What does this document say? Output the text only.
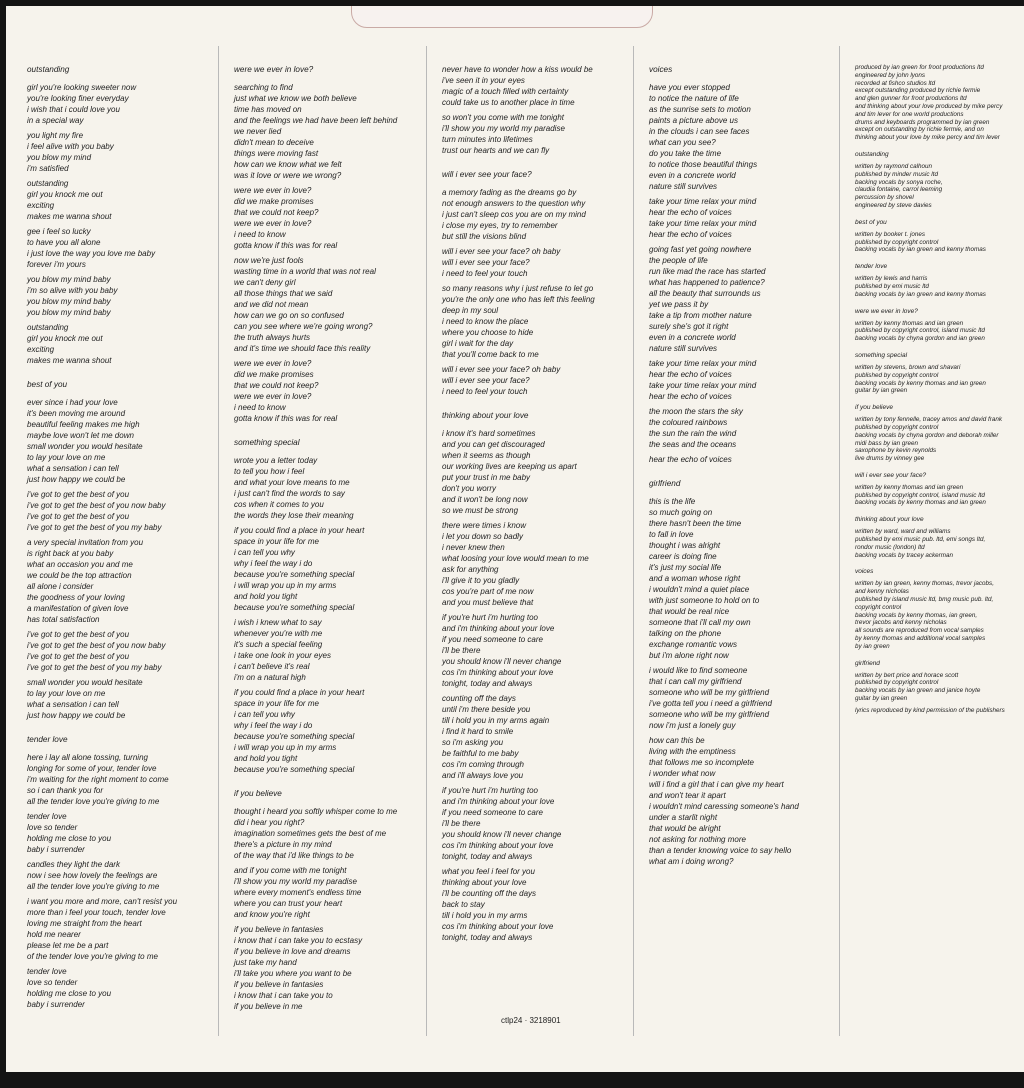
outstanding
girl you're looking sweeter now
you're looking finer everyday
i wish that i could love you
in a special way
you light my fire
i feel alive with you baby
you blow my mind
i'm satisfied
outstanding
girl you knock me out
exciting
makes me wanna shout
gee i feel so lucky
to have you all alone
i just love the way you love me baby
forever i'm yours
you blow my mind baby
i'm so alive with you baby
you blow my mind baby
you blow my mind baby
outstanding
girl you knock me out
exciting
makes me wanna shout
best of you
ever since i had your love
it's been moving me around
beautiful feeling makes me high
maybe love won't let me down
small wonder you would hesitate
to lay your love on me
what a sensation i can tell
just how happy we could be
i've got to get the best of you
i've got to get the best of you now baby
i've got to get the best of you
i've got to get the best of you my baby
a very special invitation from you
is right back at you baby
what an occasion you and me
we could be the top attraction
all alone i consider
the goodness of your loving
a manifestation of given love
has total satisfaction
i've got to get the best of you
i've got to get the best of you now baby
i've got to get the best of you
i've got to get the best of you my baby
small wonder you would hesitate
to lay your love on me
what a sensation i can tell
just how happy we could be
tender love
here i lay all alone tossing, turning
longing for some of your, tender love
i'm waiting for the right moment to come
so i can thank you for
all the tender love you're giving to me
tender love
love so tender
holding me close to you
baby i surrender
candles they light the dark
now i see how lovely the feelings are
all the tender love you're giving to me
i want you more and more, can't resist you
more than i feel your touch, tender love
loving me straight from the heart
hold me nearer
please let me be a part
of the tender love you're giving to me
tender love
love so tender
holding me close to you
baby i surrender
were we ever in love?
searching to find
just what we know we both believe
time has moved on
and the feelings we had have been left behind
we never lied
didn't mean to deceive
things were moving fast
how can we know what we felt
was it love or were we wrong?
were we ever in love?
did we make promises
that we could not keep?
were we ever in love?
i need to know
gotta know if this was for real
now we're just fools
wasting time in a world that was not real
we can't deny girl
all those things that we said
and we did not mean
how can we go on so confused
can you see where we're going wrong?
the truth always hurts
and it's time we should face this reality
were we ever in love?
did we make promises
that we could not keep?
were we ever in love?
i need to know
gotta know if this was for real
something special
wrote you a letter today
to tell you how i feel
and what your love means to me
i just can't find the words to say
cos when it comes to you
the words they lose their meaning
if you could find a place in your heart
space in your life for me
i can tell you why
why i feel the way i do
because you're something special
i will wrap you up in my arms
and hold you tight
because you're something special
i wish i knew what to say
whenever you're with me
it's such a special feeling
i take one look in your eyes
i can't believe it's real
i'm on a natural high
if you could find a place in your heart
space in your life for me
i can tell you why
why i feel the way i do
because you're something special
i will wrap you up in my arms
and hold you tight
because you're something special
if you believe
thought i heard you softly whisper come to me
did i hear you right?
imagination sometimes gets the best of me
there's a picture in my mind
of the way that i'd like things to be
and if you come with me tonight
i'll show you my world my paradise
where every moment's endless time
where you can trust your heart
and know you're right
if you believe in fantasies
i know that i can take you to ecstasy
if you believe in love and dreams
just take my hand
i'll take you where you want to be
if you believe in fantasies
i know that i can take you to
if you believe in me
never have to wonder how a kiss would be
i've seen it in your eyes
magic of a touch filled with certainty
could take us to another place in time
so won't you come with me tonight
i'll show you my world my paradise
turn minutes into lifetimes
trust our hearts and we can fly
will i ever see your face?
a memory fading as the dreams go by
not enough answers to the question why
i just can't sleep cos you are on my mind
i close my eyes, try to remember
but still the visions blind
will i ever see your face? oh baby
will i ever see your face?
i need to feel your touch
so many reasons why i just refuse to let go
you're the only one who has left this feeling
deep in my soul
i need to know the place
where you choose to hide
girl i wait for the day
that you'll come back to me
will i ever see your face? oh baby
will i ever see your face?
i need to feel your touch
thinking about your love
i know it's hard sometimes
and you can get discouraged
when it seems as though
our working lives are keeping us apart
put your trust in me baby
don't you worry
and it won't be long now
so we must be strong
there were times i know
i let you down so badly
i never knew then
what loosing your love would mean to me
ask for anything
i'll give it to you gladly
cos you're part of me now
and you must believe that
if you're hurt i'm hurting too
and i'm thinking about your love
if you need someone to care
i'll be there
you should know i'll never change
cos i'm thinking about your love
tonight, today and always
counting off the days
until i'm there beside you
till i hold you in my arms again
i find it hard to smile
so i'm asking you
be faithful to me baby
cos i'm coming through
and i'll always love you
if you're hurt i'm hurting too
and i'm thinking about your love
if you need someone to care
i'll be there
you should know i'll never change
cos i'm thinking about your love
tonight, today and always
what you feel i feel for you
thinking about your love
i'll be counting off the days
back to stay
till i hold you in my arms
cos i'm thinking about your love
tonight, today and always
voices
have you ever stopped
to notice the nature of life
as the sunrise sets to motion
paints a picture above us
in the clouds i can see faces
what can you see?
do you take the time
to notice those beautiful things
even in a concrete world
nature still survives
take your time relax your mind
hear the echo of voices
take your time relax your mind
hear the echo of voices
going fast yet going nowhere
the people of life
run like mad the race has started
what has happened to patience?
all the beauty that surrounds us
yet we pass it by
take a tip from mother nature
surely she's got it right
even in a concrete world
nature still survives
take your time relax your mind
hear the echo of voices
take your time relax your mind
hear the echo of voices
the moon the stars the sky
the coloured rainbows
the sun the rain the wind
the seas and the oceans
hear the echo of voices
girlfriend
this is the life
so much going on
there hasn't been the time
to fall in love
thought i was alright
career is doing fine
it's just my social life
and a woman whose right
i wouldn't mind a quiet place
with just someone to hold on to
that would be real nice
someone that i'll call my own
talking on the phone
exchange romantic vows
but i'm alone right now
i would like to find someone
that i can call my girlfriend
someone who will be my girlfriend
i've gotta tell you i need a girlfriend
someone who will be my girlfriend
now i'm just a lonely guy
how can this be
living with the emptiness
that follows me so incomplete
i wonder what now
will i find a girl that i can give my heart
and won't tear it apart
i wouldn't mind caressing someone's hand
under a starlit night
that would be alright
not asking for nothing more
than a tender knowing voice to say hello
what am i doing wrong?
produced by ian green for froot productions ltd
engineered by john lyons
recorded at fishco studios ltd
except outstanding produced by richie fermie
and glen gunner for froot productions ltd
and thinking about your love produced by mike percy
and tim lever for one world productions
drums and keyboards programmed by ian green
except on outstanding by richie fermie, and on
thinking about your love by mike percy and tim lever
outstanding
written by raymond calhoun
published by minder music ltd
backing vocals by sonya roche,
claudia fontaine, carrol leeming
percussion by shovel
engineered by steve davies
best of you
written by booker t. jones
published by copyright control
backing vocals by ian green and kenny thomas
tender love
written by lewis and harris
published by emi music ltd
backing vocals by ian green and kenny thomas
were we ever in love?
written by kenny thomas and ian green
published by copyright control, island music ltd
backing vocals by chyna gordon and ian green
something special
written by stevens, brown and shavari
published by copyright control
backing vocals by kenny thomas and ian green
guitar by ian green
if you believe
written by tony fennelle, tracey amos and david frank
published by copyright control
backing vocals by chyna gordon and deborah miller
midi bass by ian green
saxophone by kevin reynolds
live drums by vinney gee
will i ever see your face?
written by kenny thomas and ian green
published by copyright control, island music ltd
backing vocals by kenny thomas and ian green
thinking about your love
written by ward, ward and williams
published by emi music pub. ltd, emi songs ltd,
rondor music (london) ltd
backing vocals by tracey ackerman
voices
written by ian green, kenny thomas, trevor jacobs,
and kenny nicholas
published by island music ltd, bmg music pub. ltd,
copyright control
backing vocals by kenny thomas, ian green,
trevor jacobs and kenny nicholas
all sounds are reproduced from vocal samples
by kenny thomas and additional vocal samples
by ian green
girlfriend
written by bert price and horace scott
published by copyright control
backing vocals by ian green and janice hoyte
guitar by ian green
lyrics reproduced by kind permission of the publishers
ctlp24 · 3218901
